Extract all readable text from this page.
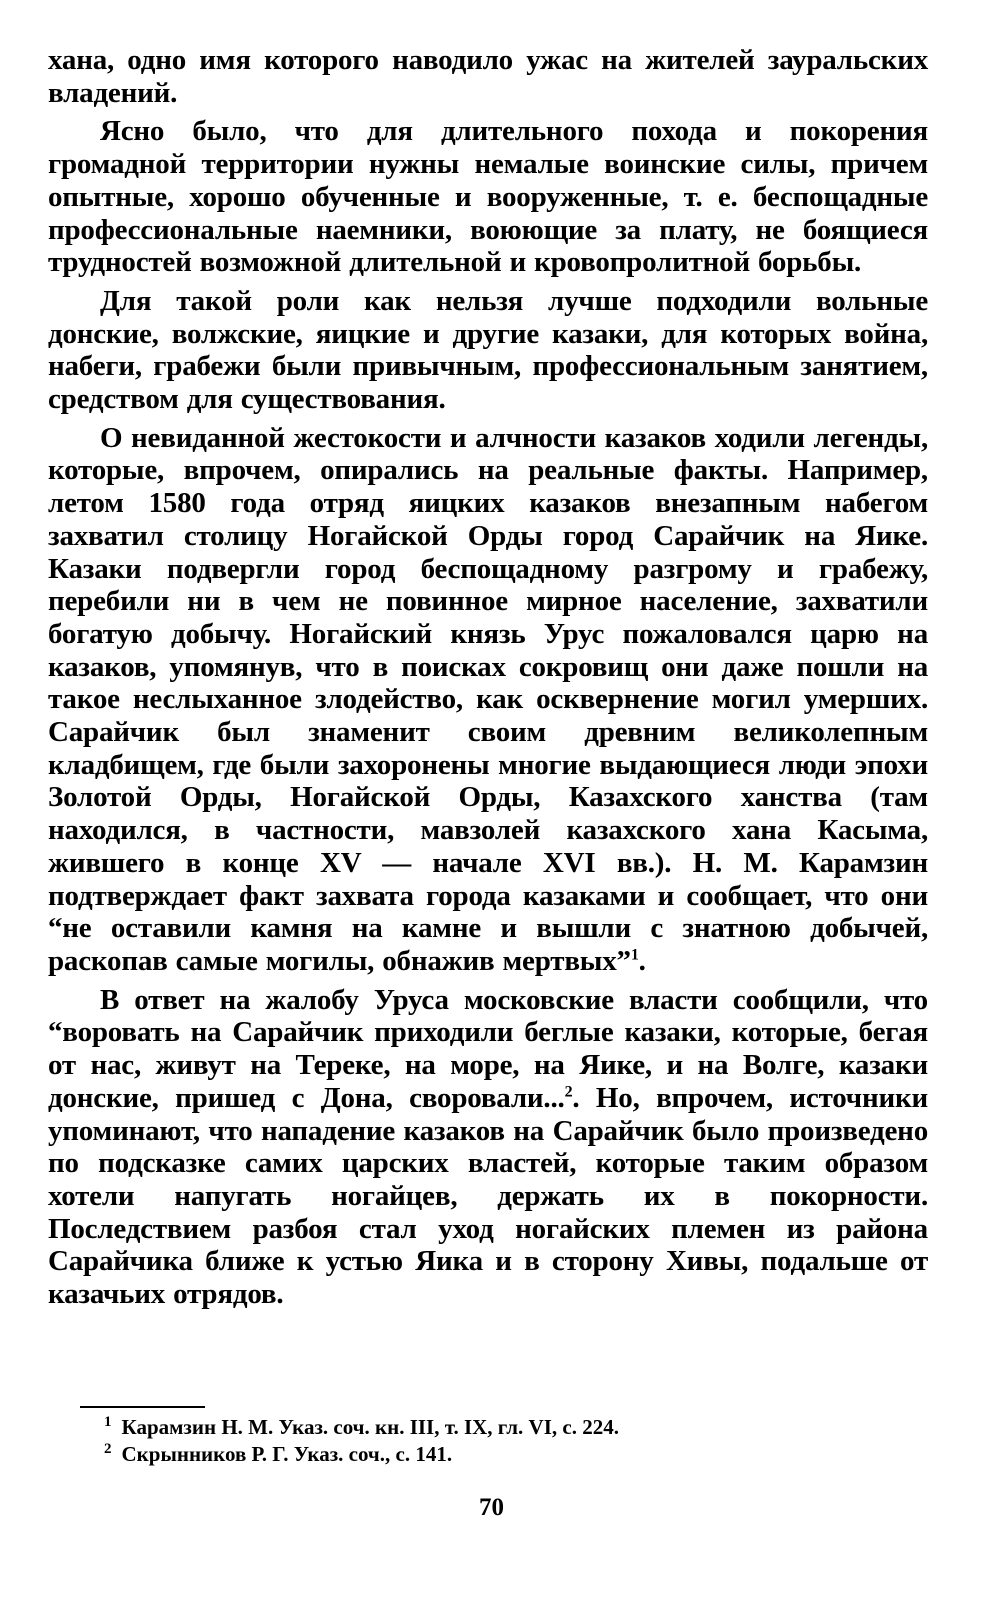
хана, одно имя которого наводило ужас на жителей зауральских владений.

Ясно было, что для длительного похода и покорения громадной территории нужны немалые воинские силы, причем опытные, хорошо обученные и вооруженные, т. е. беспощадные профессиональные наемники, воюющие за плату, не боящиеся трудностей возможной длительной и кровопролитной борьбы.

Для такой роли как нельзя лучше подходили вольные донские, волжские, яицкие и другие казаки, для которых война, набеги, грабежи были привычным, профессиональным занятием, средством для существования.

О невиданной жестокости и алчности казаков ходили легенды, которые, впрочем, опирались на реальные факты. Например, летом 1580 года отряд яицких казаков внезапным набегом захватил столицу Ногайской Орды город Сарайчик на Яике. Казаки подвергли город беспощадному разгрому и грабежу, перебили ни в чем не повинное мирное население, захватили богатую добычу. Ногайский князь Урус пожаловался царю на казаков, упомянув, что в поисках сокровищ они даже пошли на такое неслыханное злодейство, как осквернение могил умерших. Сарайчик был знаменит своим древним великолепным кладбищем, где были захоронены многие выдающиеся люди эпохи Золотой Орды, Ногайской Орды, Казахского ханства (там находился, в частности, мавзолей казахского хана Касыма, жившего в конце XV — начале XVI вв.). Н. М. Карамзин подтверждает факт захвата города казаками и сообщает, что они “не оставили камня на камне и вышли с знатною добычей, раскопав самые могилы, обнажив мертвых”$^1$.

В ответ на жалобу Уруса московские власти сообщили, что “воровать на Сарайчик приходили беглые казаки, которые, бегая от нас, живут на Тереке, на море, на Яике, и на Волге, казаки донские, пришед с Дона, своровали...$^2$. Но, впрочем, источники упоминают, что нападение казаков на Сарайчик было произведено по подсказке самих царских властей, которые таким образом хотели напугать ногайцев, держать их в покорности. Последствием разбоя стал уход ногайских племен из района Сарайчика ближе к устью Яика и в сторону Хивы, подальше от казачьих отрядов.

$^1$ Карамзин Н. М. Указ. соч. кн. III, т. IX, гл. VI, с. 224.

$^2$ Скрынников Р. Г. Указ. соч., с. 141.

70
